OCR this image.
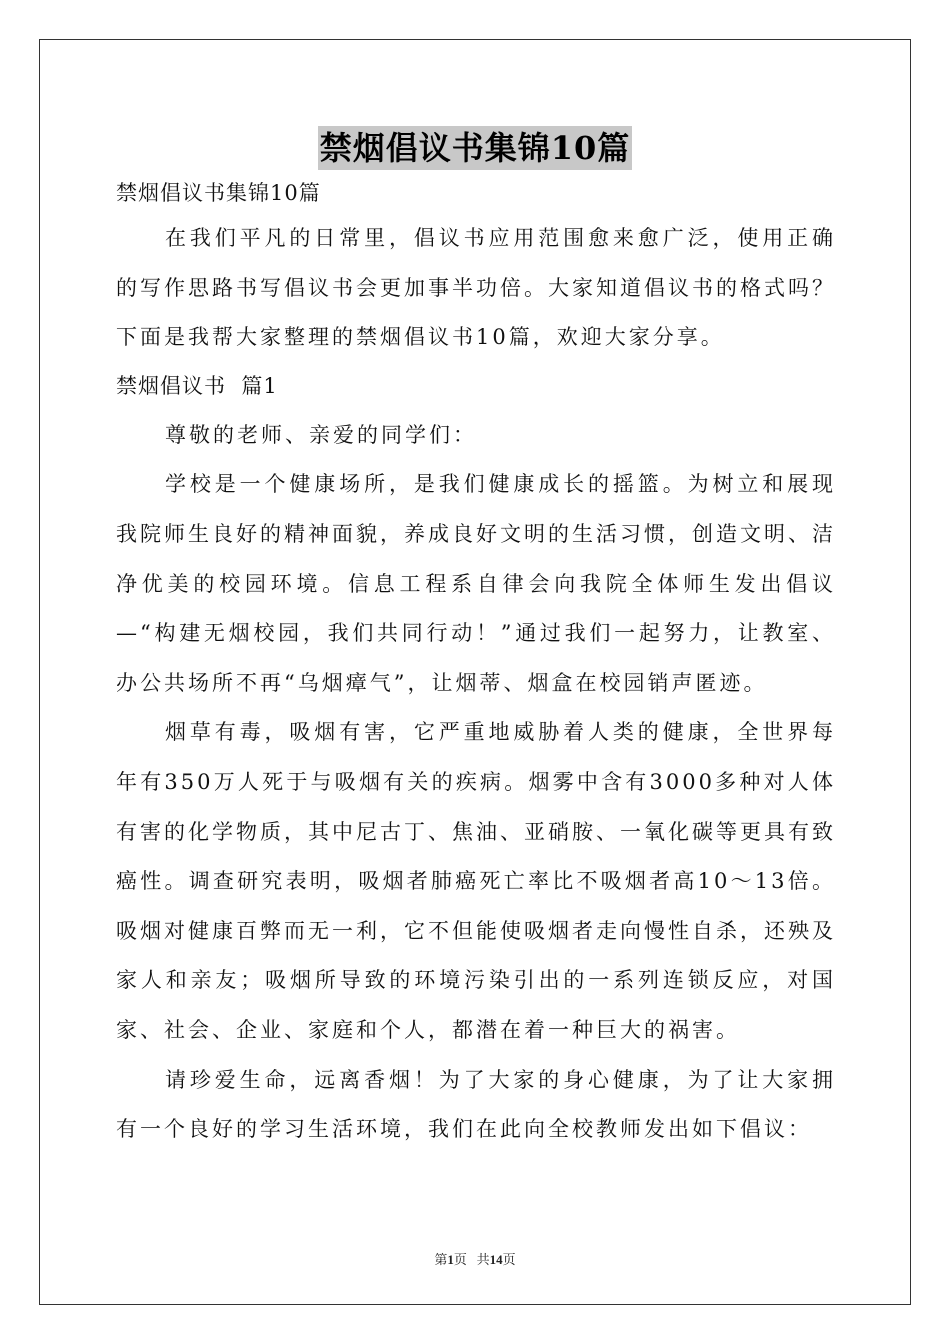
禁烟倡议书集锦10篇

禁烟倡议书集锦10篇

在我们平凡的日常里，倡议书应用范围愈来愈广泛，使用正确的写作思路书写倡议书会更加事半功倍。大家知道倡议书的格式吗？下面是我帮大家整理的禁烟倡议书10篇，欢迎大家分享。

禁烟倡议书  篇1

尊敬的老师、亲爱的同学们：

学校是一个健康场所，是我们健康成长的摇篮。为树立和展现我院师生良好的精神面貌，养成良好文明的生活习惯，创造文明、洁净优美的校园环境。信息工程系自律会向我院全体师生发出倡议—“构建无烟校园，我们共同行动！”通过我们一起努力，让教室、办公共场所不再“乌烟瘴气”，让烟蒂、烟盒在校园销声匿迹。

烟草有毒，吸烟有害，它严重地威胁着人类的健康，全世界每年有350万人死于与吸烟有关的疾病。烟雾中含有3000多种对人体有害的化学物质，其中尼古丁、焦油、亚硝胺、一氧化碳等更具有致癌性。调查研究表明，吸烟者肺癌死亡率比不吸烟者高10～13倍。吸烟对健康百弊而无一利，它不但能使吸烟者走向慢性自杀，还殃及家人和亲友；吸烟所导致的环境污染引出的一系列连锁反应，对国家、社会、企业、家庭和个人，都潜在着一种巨大的祸害。

请珍爱生命，远离香烟！为了大家的身心健康，为了让大家拥有一个良好的学习生活环境，我们在此向全校教师发出如下倡议：

第1页   共14页
